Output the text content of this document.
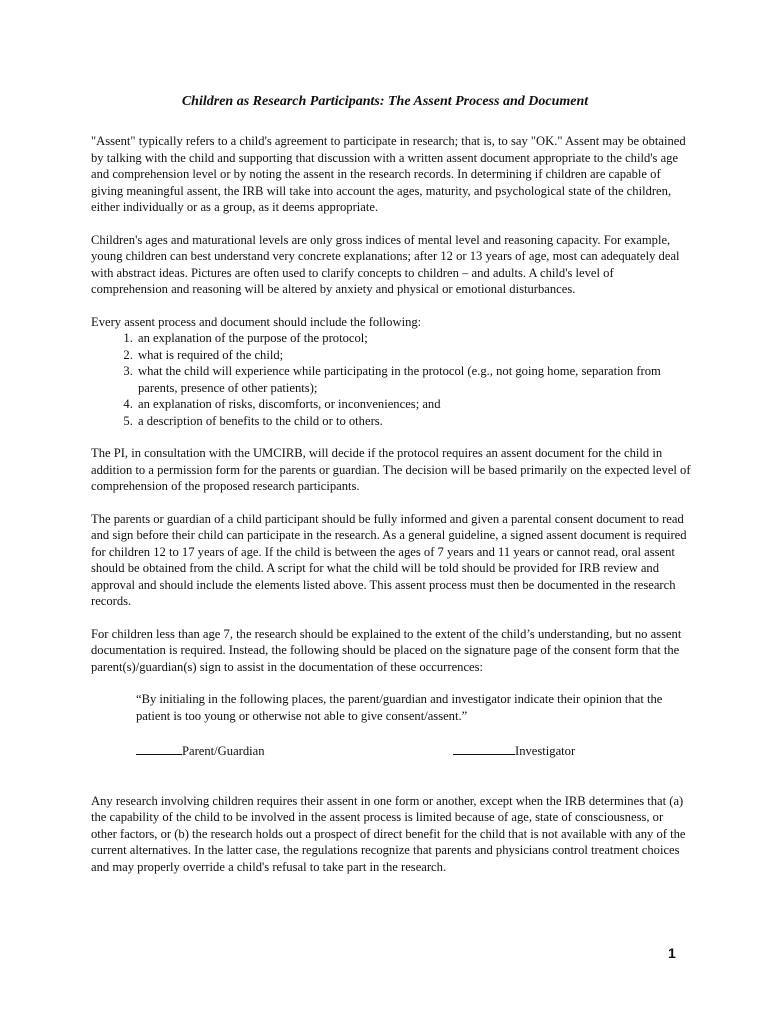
Children as Research Participants: The Assent Process and Document

"Assent" typically refers to a child's agreement to participate in research; that is, to say "OK." Assent may be obtained by talking with the child and supporting that discussion with a written assent document appropriate to the child's age and comprehension level or by noting the assent in the research records. In determining if children are capable of giving meaningful assent, the IRB will take into account the ages, maturity, and psychological state of the children, either individually or as a group, as it deems appropriate.

Children's ages and maturational levels are only gross indices of mental level and reasoning capacity. For example, young children can best understand very concrete explanations; after 12 or 13 years of age, most can adequately deal with abstract ideas. Pictures are often used to clarify concepts to children – and adults. A child's level of comprehension and reasoning will be altered by anxiety and physical or emotional disturbances.

Every assent process and document should include the following:

1. an explanation of the purpose of the protocol;
2. what is required of the child;
3. what the child will experience while participating in the protocol (e.g., not going home, separation from parents, presence of other patients);
4. an explanation of risks, discomforts, or inconveniences; and
5. a description of benefits to the child or to others.

The PI, in consultation with the UMCIRB, will decide if the protocol requires an assent document for the child in addition to a permission form for the parents or guardian. The decision will be based primarily on the expected level of comprehension of the proposed research participants.

The parents or guardian of a child participant should be fully informed and given a parental consent document to read and sign before their child can participate in the research. As a general guideline, a signed assent document is required for children 12 to 17 years of age. If the child is between the ages of 7 years and 11 years or cannot read, oral assent should be obtained from the child. A script for what the child will be told should be provided for IRB review and approval and should include the elements listed above. This assent process must then be documented in the research records.

For children less than age 7, the research should be explained to the extent of the child’s understanding, but no assent documentation is required. Instead, the following should be placed on the signature page of the consent form that the parent(s)/guardian(s) sign to assist in the documentation of these occurrences:

“By initialing in the following places, the parent/guardian and investigator indicate their opinion that the patient is too young or otherwise not able to give consent/assent.”

Parent/Guardian	Investigator

Any research involving children requires their assent in one form or another, except when the IRB determines that (a) the capability of the child to be involved in the assent process is limited because of age, state of consciousness, or other factors, or (b) the research holds out a prospect of direct benefit for the child that is not available with any of the current alternatives. In the latter case, the regulations recognize that parents and physicians control treatment choices and may properly override a child's refusal to take part in the research.

1
